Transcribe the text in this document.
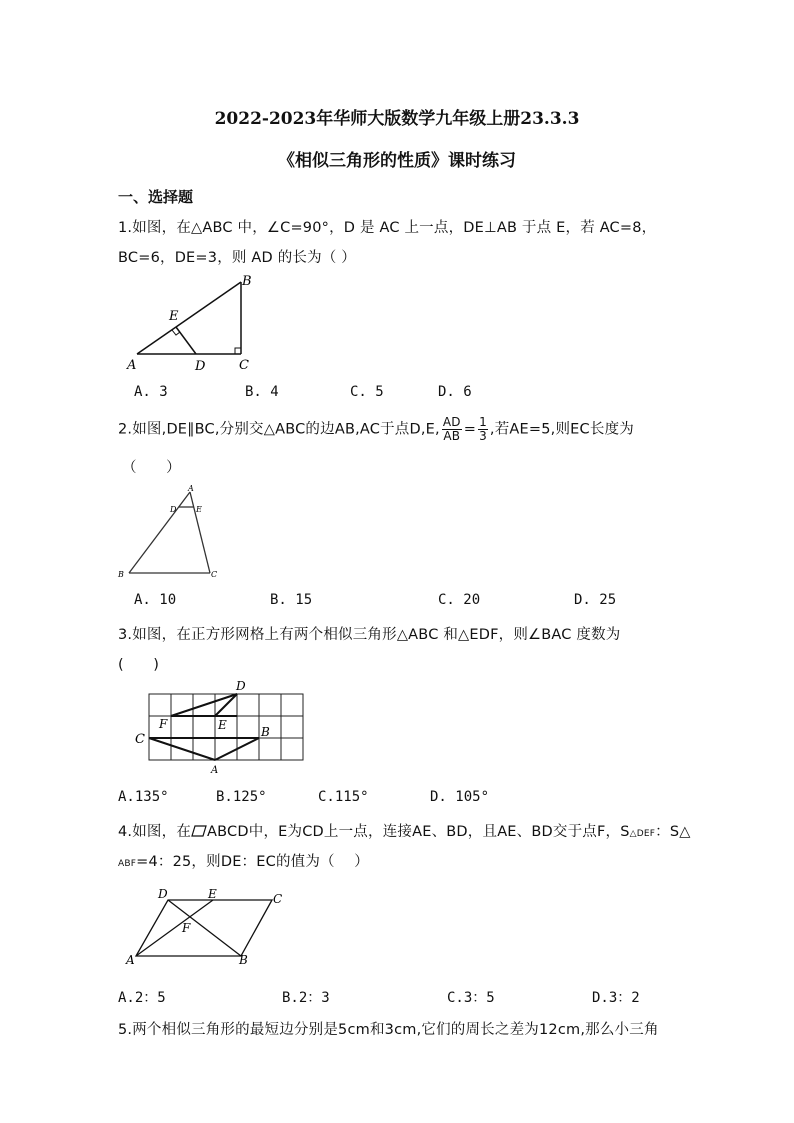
2022-2023年华师大版数学九年级上册23.3.3
《相似三角形的性质》课时练习
一、选择题
1.如图，在△ABC 中，∠C=90°，D 是 AC 上一点，DE⊥AB 于点 E，若 AC=8，
BC=6，DE=3，则 AD 的长为（ ）
A
B
C
D
E
A. 3	B. 4	C. 5	D. 6
2.如图,DE∥BC,分别交△ABC的边AB,AC于点D,E, $\frac{AD}{AB} = \frac{1}{3}$ ,若AE=5,则EC长度为
（　　）
A
B	C
D E
A. 10	B. 15	C. 20	D. 25
3.如图，在正方形网格上有两个相似三角形△ABC 和△EDF，则∠BAC 度数为
(　　)
C
A
B
D
E
F
A.135°	B.125°	C.115°	D. 105°
4.如图，在 ABCD中，E为CD上一点，连接AE、BD，且AE、BD交于点F，S△DEF：S△
ABF=4：25，则DE：EC的值为（　 ）
D	E	C
A	B
F
A.2：5	B.2：3	C.3：5	D.3：2
5.两个相似三角形的最短边分别是5cm和3cm,它们的周长之差为12cm,那么小三角
